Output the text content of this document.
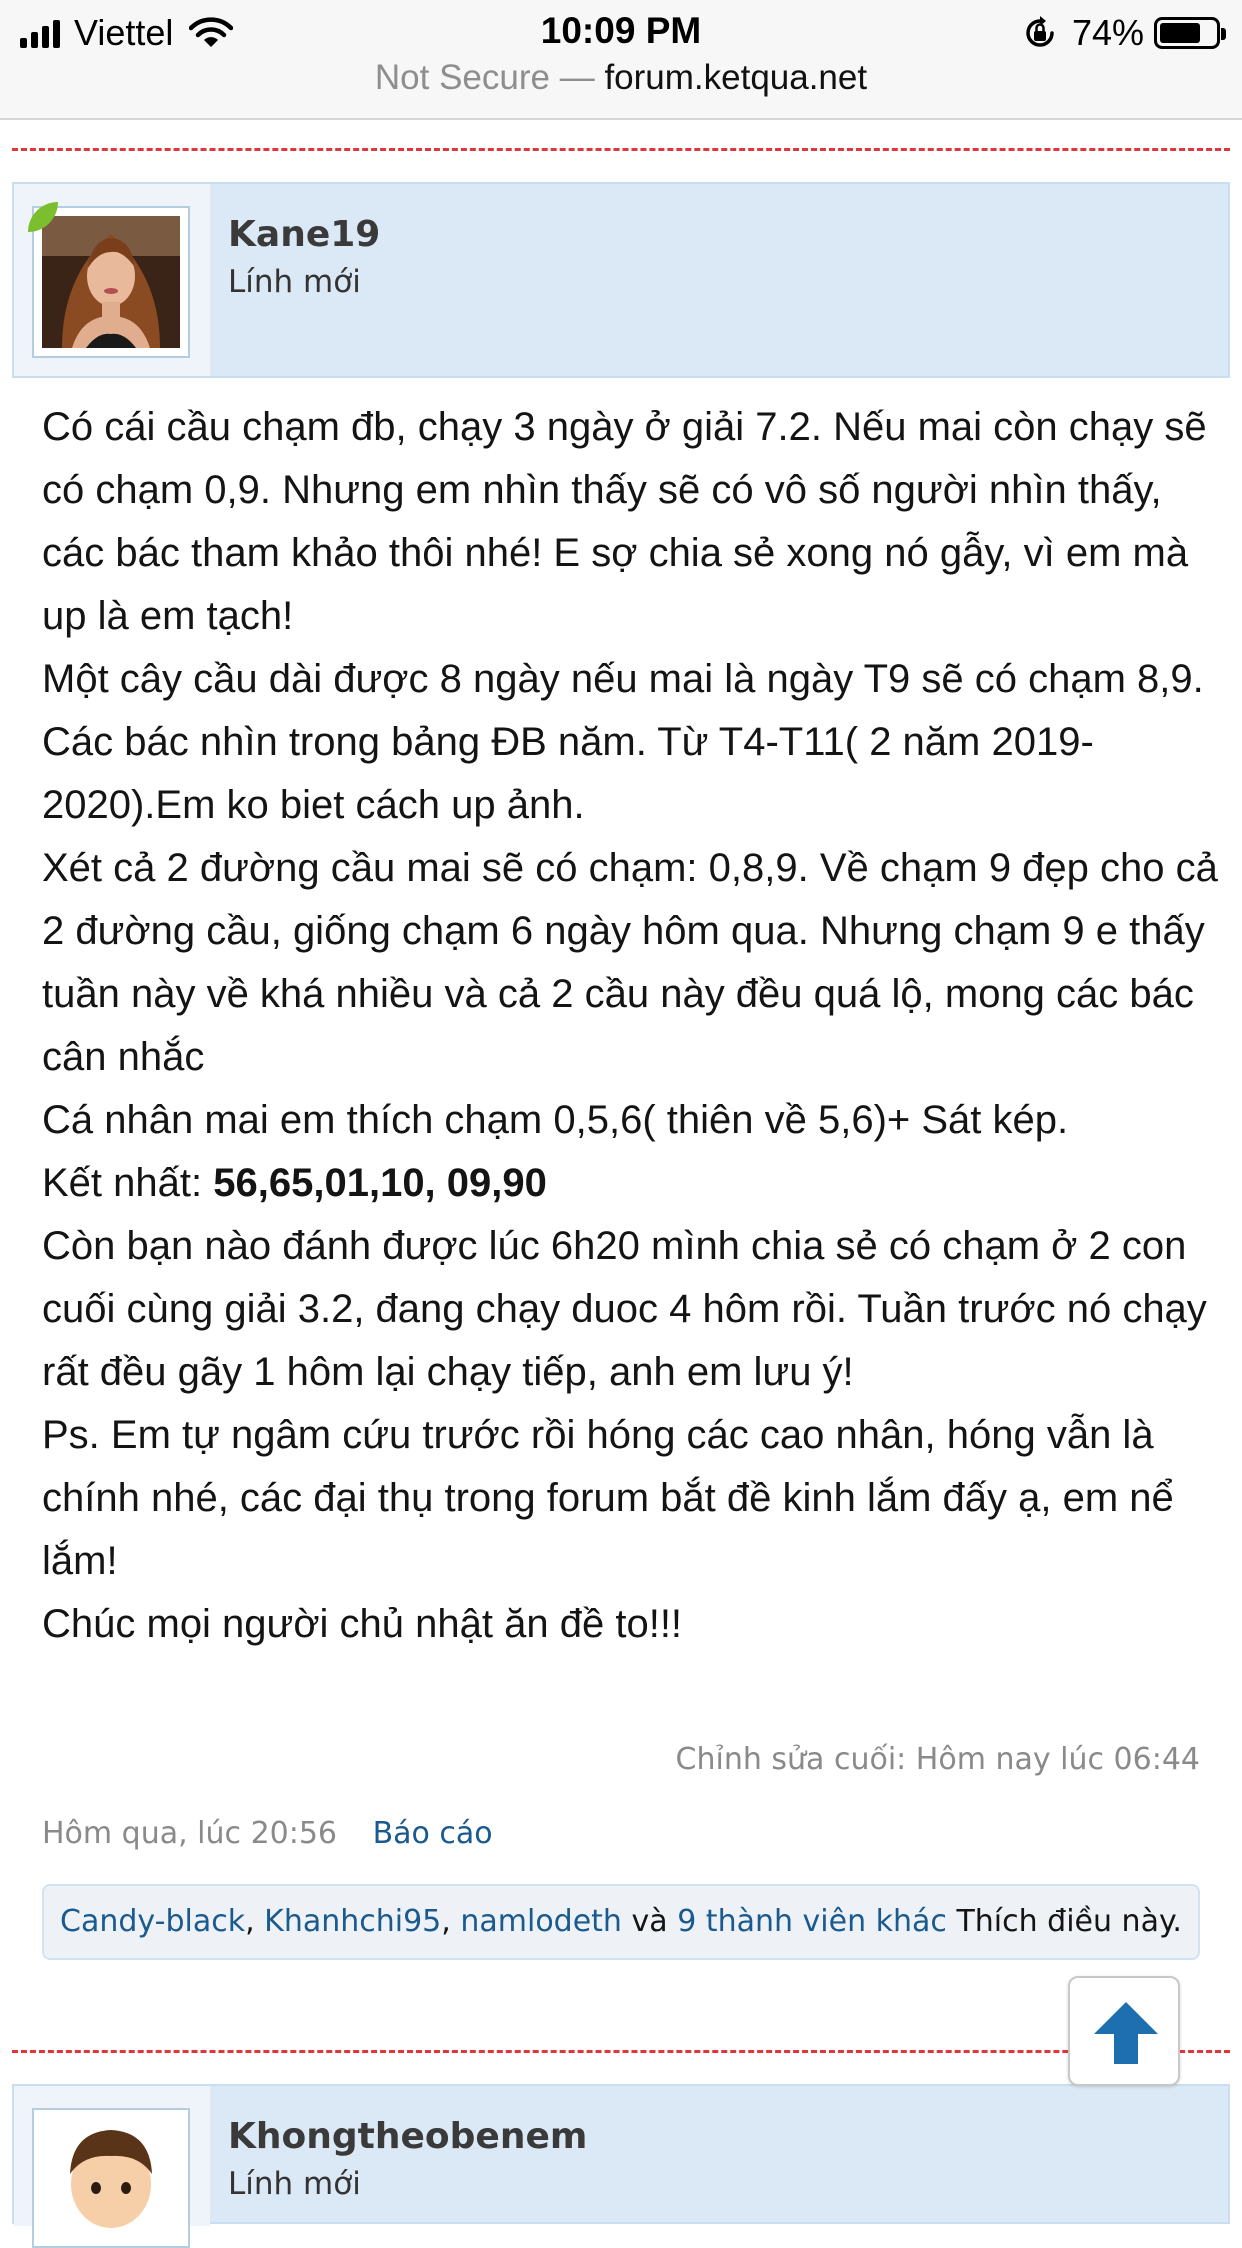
Viettel	10:09 PM	74%
Not Secure — forum.ketqua.net
Kane19
Lính mới

Có cái cầu chạm đb, chạy 3 ngày ở giải 7.2. Nếu mai còn chạy sẽ có chạm 0,9. Nhưng em nhìn thấy sẽ có vô số người nhìn thấy, các bác tham khảo thôi nhé! E sợ chia sẻ xong nó gẫy, vì em mà up là em tạch!

Một cây cầu dài được 8 ngày nếu mai là ngày T9 sẽ có chạm 8,9. Các bác nhìn trong bảng ĐB năm. Từ T4-T11( 2 năm 2019-2020).Em ko biet cách up ảnh.

Xét cả 2 đường cầu mai sẽ có chạm: 0,8,9. Về chạm 9 đẹp cho cả 2 đường cầu, giống chạm 6 ngày hôm qua. Nhưng chạm 9 e thấy tuần này về khá nhiều và cả 2 cầu này đều quá lộ, mong các bác cân nhắc

Cá nhân mai em thích chạm 0,5,6( thiên về 5,6)+ Sát kép.

Kết nhất: 56,65,01,10, 09,90

Còn bạn nào đánh được lúc 6h20 mình chia sẻ có chạm ở 2 con cuối cùng giải 3.2, đang chạy duoc 4 hôm rồi. Tuần trước nó chạy rất đều gãy 1 hôm lại chạy tiếp, anh em lưu ý!

Ps. Em tự ngâm cứu trước rồi hóng các cao nhân, hóng vẫn là chính nhé, các đại thụ trong forum bắt đề kinh lắm đấy ạ, em nể lắm!

Chúc mọi người chủ nhật ăn đề to!!!

Chỉnh sửa cuối: Hôm nay lúc 06:44
Hôm qua, lúc 20:56 Báo cáo
Candy-black, Khanhchi95, namlodeth và 9 thành viên khác Thích điều này.
Khongtheobenem
Lính mới
